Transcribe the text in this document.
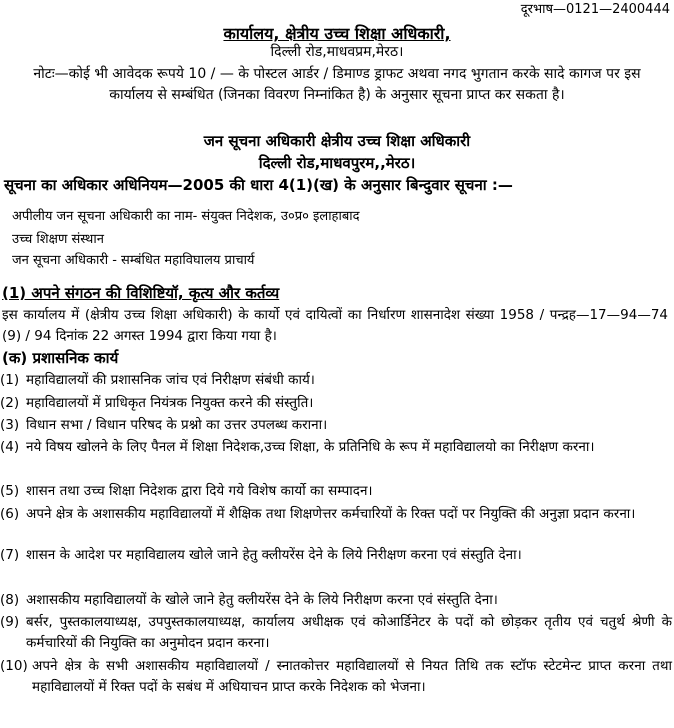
दूरभाष—0121—2400444
कार्यालय, क्षेत्रीय उच्च शिक्षा अधिकारी,
दिल्ली रोड,माधवप्रम,मेरठ।
नोटः—कोई भी आवेदक रूपये 10 / — के पोस्टल आर्डर / डिमाण्ड ड्राफट अथवा नगद भुगतान करके सादे कागज पर इस कार्यालय से सम्बंधित (जिनका विवरण निम्नांकित है) के अनुसार सूचना प्राप्त कर सकता है।
जन सूचना अधिकारी क्षेत्रीय उच्च शिक्षा अधिकारी
दिल्ली रोड,माधवपुरम,,मेरठ।
सूचना का अधिकार अधिनियम—2005 की धारा 4(1)(ख) के अनुसार बिन्दुवार सूचना :—
अपीलीय जन सूचना अधिकारी का नाम- संयुक्त निदेशक, उ०प्र० इलाहाबाद
उच्च शिक्षण संस्थान
जन सूचना अधिकारी - सम्बंधित महाविघालय प्राचार्य
(1) अपने संगठन की विशिष्टियॉ, कृत्य और कर्तव्य
इस कार्यालय में (क्षेत्रीय उच्च शिक्षा अधिकारी) के कार्यो एवं दायित्वों का निर्धारण शासनादेश संख्या 1958 / पन्द्रह—17—94—74 (9) / 94 दिनांक 22 अगस्त 1994 द्वारा किया गया है।
(क) प्रशासनिक कार्य
(1) महाविद्यालयों की प्रशासनिक जांच एवं निरीक्षण संबंधी कार्य।
(2) महाविद्यालयों में प्राधिकृत नियंत्रक नियुक्त करने की संस्तुति।
(3) विधान सभा / विधान परिषद के प्रश्नो का उत्तर उपलब्ध कराना।
(4) नये विषय खोलने के लिए पैनल में शिक्षा निदेशक,उच्च शिक्षा, के प्रतिनिधि के रूप में महाविद्यालयो का निरीक्षण करना।
(5) शासन तथा उच्च शिक्षा निदेशक द्वारा दिये गये विशेष कार्यो का सम्पादन।
(6) अपने क्षेत्र के अशासकीय महाविद्यालयों में शैक्षिक तथा शिक्षणेत्तर कर्मचारियों के रिक्त पदों पर नियुक्ति की अनुज्ञा प्रदान करना।
(7) शासन के आदेश पर महाविद्यालय खोले जाने हेतु क्लीयरेंस देने के लिये निरीक्षण करना एवं संस्तुति देना।
(8) अशासकीय महाविद्यालयों के खोले जाने हेतु क्लीयरेंस देने के लिये निरीक्षण करना एवं संस्तुति देना।
(9) बर्सर, पुस्तकालयाध्यक्ष, उपपुस्तकालयाध्यक्ष, कार्यालय अधीक्षक एवं कोआर्डिनेटर के पदों को छोड़कर तृतीय एवं चतुर्थ श्रेणी के कर्मचारियों की नियुक्ति का अनुमोदन प्रदान करना।
(10) अपने क्षेत्र के सभी अशासकीय महाविद्यालयों / स्नातकोत्तर महाविद्यालयों से नियत तिथि तक स्टॉफ स्टेटमेन्ट प्राप्त करना तथा महाविद्यालयों में रिक्त पदों के सबंध में अधियाचन प्राप्त करके निदेशक को भेजना।
